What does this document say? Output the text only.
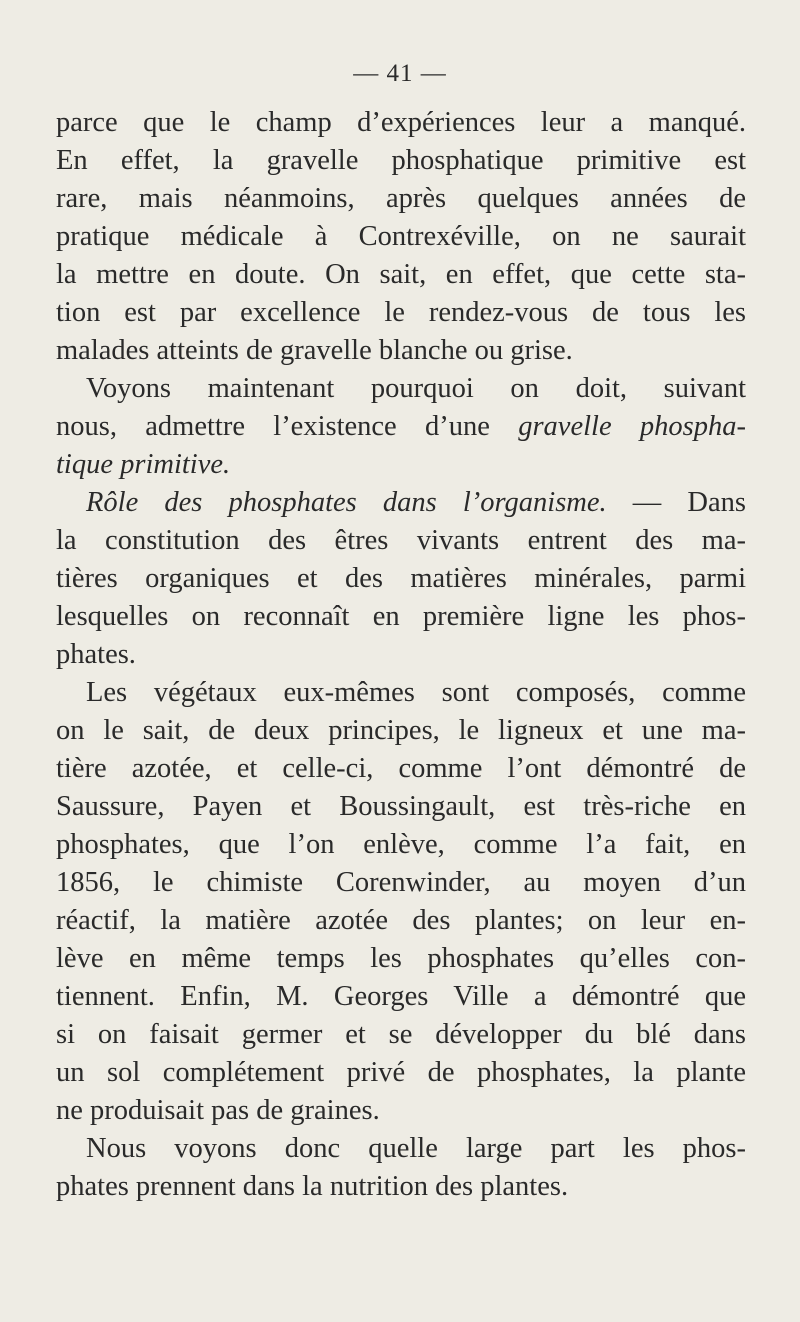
— 41 —
parce que le champ d’expériences leur a manqué.
En effet, la gravelle phosphatique primitive est
rare, mais néanmoins, après quelques années de
pratique médicale à Contrexéville, on ne saurait
la mettre en doute. On sait, en effet, que cette sta-
tion est par excellence le rendez-vous de tous les
malades atteints de gravelle blanche ou grise.
Voyons maintenant pourquoi on doit, suivant
nous, admettre l’existence d’une gravelle phospha-
tique primitive.
Rôle des phosphates dans l’organisme. — Dans
la constitution des êtres vivants entrent des ma-
tières organiques et des matières minérales, parmi
lesquelles on reconnaît en première ligne les phos-
phates.
Les végétaux eux-mêmes sont composés, comme
on le sait, de deux principes, le ligneux et une ma-
tière azotée, et celle-ci, comme l’ont démontré de
Saussure, Payen et Boussingault, est très-riche en
phosphates, que l’on enlève, comme l’a fait, en
1856, le chimiste Corenwinder, au moyen d’un
réactif, la matière azotée des plantes; on leur en-
lève en même temps les phosphates qu’elles con-
tiennent. Enfin, M. Georges Ville a démontré que
si on faisait germer et se développer du blé dans
un sol complétement privé de phosphates, la plante
ne produisait pas de graines.
Nous voyons donc quelle large part les phos-
phates prennent dans la nutrition des plantes.
